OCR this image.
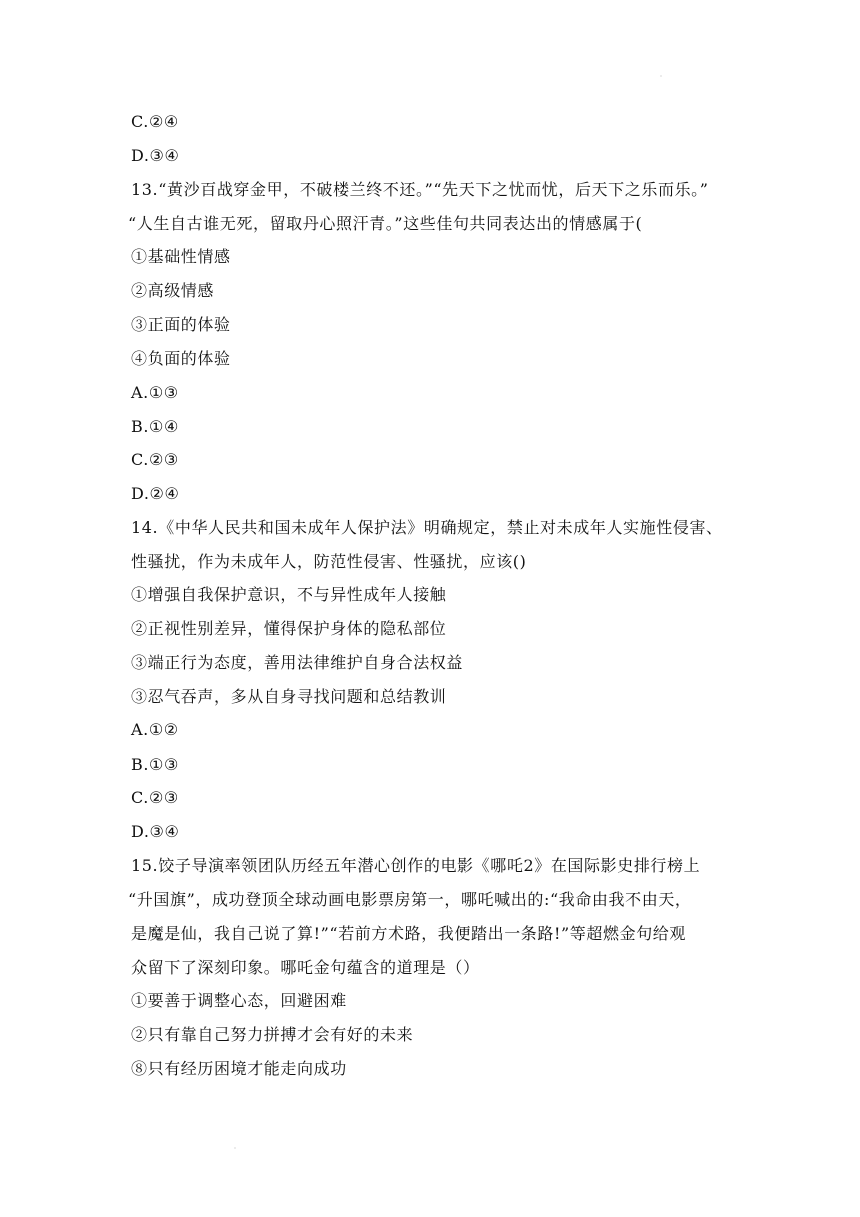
C.②④
D.③④
13.“黄沙百战穿金甲，不破楼兰终不还。”“先天下之忧而忧，后天下之乐而乐。”
“人生自古谁无死，留取丹心照汗青。”这些佳句共同表达出的情感属于(
①基础性情感
②高级情感
③正面的体验
④负面的体验
A.①③
B.①④
C.②③
D.②④
14.《中华人民共和国未成年人保护法》明确规定，禁止对未成年人实施性侵害、
性骚扰，作为未成年人，防范性侵害、性骚扰，应该()
①增强自我保护意识，不与异性成年人接触
②正视性别差异，懂得保护身体的隐私部位
③端正行为态度，善用法律维护自身合法权益
③忍气吞声，多从自身寻找问题和总结教训
A.①②
B.①③
C.②③
D.③④
15.饺子导演率领团队历经五年潜心创作的电影《哪吒2》在国际影史排行榜上
“升国旗”，成功登顶全球动画电影票房第一，哪吒喊出的:“我命由我不由天，
是魔是仙，我自己说了算!”“若前方术路，我便踏出一条路!”等超燃金句给观
众留下了深刻印象。哪吒金句蕴含的道理是（）
①要善于调整心态，回避困难
②只有靠自己努力拼搏才会有好的未来
⑧只有经历困境才能走向成功
